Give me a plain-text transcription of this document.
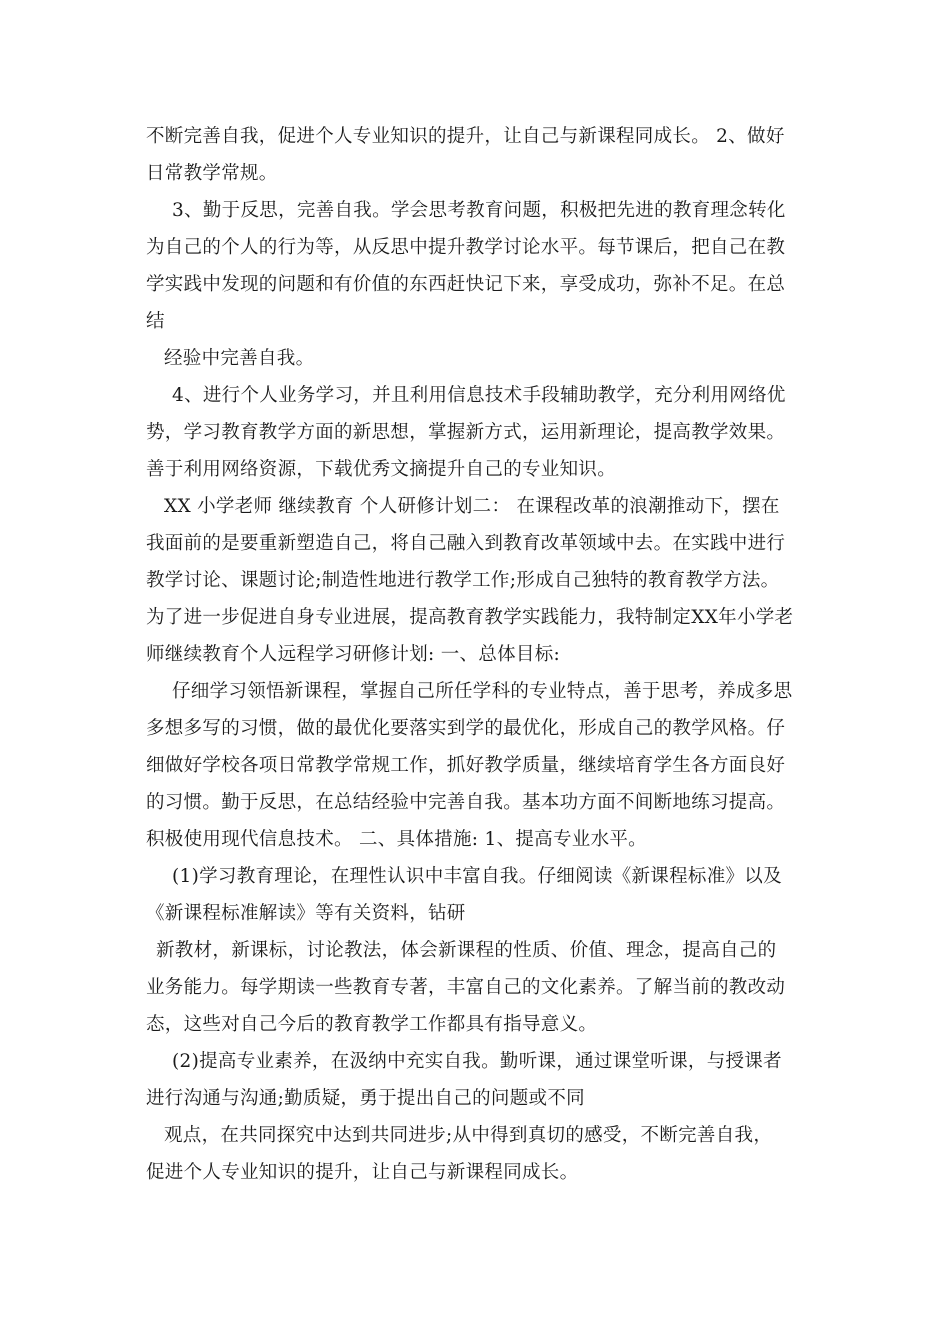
不断完善自我，促进个人专业知识的提升，让自己与新课程同成长。 2、做好
日常教学常规。
3、勤于反思，完善自我。学会思考教育问题，积极把先进的教育理念转化
为自己的个人的行为等，从反思中提升教学讨论水平。每节课后，把自己在教
学实践中发现的问题和有价值的东西赶快记下来，享受成功，弥补不足。在总
结
经验中完善自我。
4、进行个人业务学习，并且利用信息技术手段辅助教学，充分利用网络优
势，学习教育教学方面的新思想，掌握新方式，运用新理论，提高教学效果。
善于利用网络资源，下载优秀文摘提升自己的专业知识。
XX 小学老师 继续教育 个人研修计划二： 在课程改革的浪潮推动下，摆在
我面前的是要重新塑造自己，将自己融入到教育改革领域中去。在实践中进行
教学讨论、课题讨论;制造性地进行教学工作;形成自己独特的教育教学方法。
为了进一步促进自身专业进展，提高教育教学实践能力，我特制定XX年小学老
师继续教育个人远程学习研修计划: 一、总体目标:
仔细学习领悟新课程，掌握自己所任学科的专业特点，善于思考，养成多思
多想多写的习惯，做的最优化要落实到学的最优化，形成自己的教学风格。仔
细做好学校各项日常教学常规工作，抓好教学质量，继续培育学生各方面良好
的习惯。勤于反思，在总结经验中完善自我。基本功方面不间断地练习提高。
积极使用现代信息技术。 二、具体措施: 1、提高专业水平。
(1)学习教育理论，在理性认识中丰富自我。仔细阅读《新课程标准》以及
《新课程标准解读》等有关资料，钻研
新教材，新课标，讨论教法，体会新课程的性质、价值、理念，提高自己的
业务能力。每学期读一些教育专著，丰富自己的文化素养。了解当前的教改动
态，这些对自己今后的教育教学工作都具有指导意义。
(2)提高专业素养，在汲纳中充实自我。勤听课，通过课堂听课，与授课者
进行沟通与沟通;勤质疑，勇于提出自己的问题或不同
观点，在共同探究中达到共同进步;从中得到真切的感受，不断完善自我，
促进个人专业知识的提升，让自己与新课程同成长。
